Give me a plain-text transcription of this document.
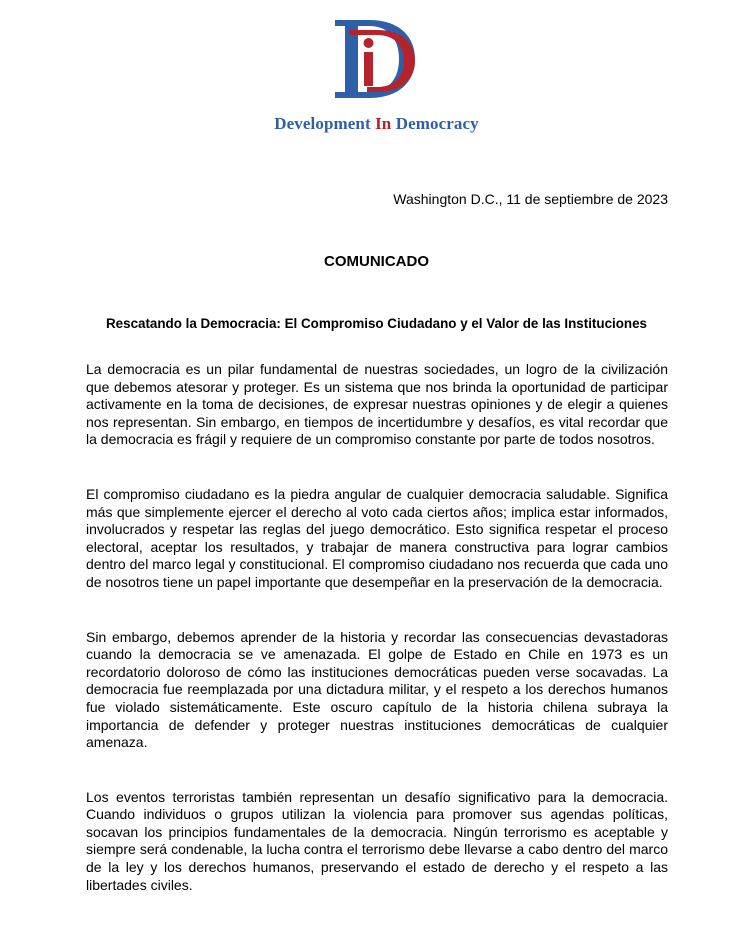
Development In Democracy
Washington D.C., 11 de septiembre de 2023
COMUNICADO
Rescatando la Democracia: El Compromiso Ciudadano y el Valor de las Instituciones

La democracia es un pilar fundamental de nuestras sociedades, un logro de la civilización que debemos atesorar y proteger. Es un sistema que nos brinda la oportunidad de participar activamente en la toma de decisiones, de expresar nuestras opiniones y de elegir a quienes nos representan. Sin embargo, en tiempos de incertidumbre y desafíos, es vital recordar que la democracia es frágil y requiere de un compromiso constante por parte de todos nosotros.

El compromiso ciudadano es la piedra angular de cualquier democracia saludable. Significa más que simplemente ejercer el derecho al voto cada ciertos años; implica estar informados, involucrados y respetar las reglas del juego democrático. Esto significa respetar el proceso electoral, aceptar los resultados, y trabajar de manera constructiva para lograr cambios dentro del marco legal y constitucional. El compromiso ciudadano nos recuerda que cada uno de nosotros tiene un papel importante que desempeñar en la preservación de la democracia.

Sin embargo, debemos aprender de la historia y recordar las consecuencias devastadoras cuando la democracia se ve amenazada. El golpe de Estado en Chile en 1973 es un recordatorio doloroso de cómo las instituciones democráticas pueden verse socavadas. La democracia fue reemplazada por una dictadura militar, y el respeto a los derechos humanos fue violado sistemáticamente. Este oscuro capítulo de la historia chilena subraya la importancia de defender y proteger nuestras instituciones democráticas de cualquier amenaza.

Los eventos terroristas también representan un desafío significativo para la democracia. Cuando individuos o grupos utilizan la violencia para promover sus agendas políticas, socavan los principios fundamentales de la democracia. Ningún terrorismo es aceptable y siempre será condenable, la lucha contra el terrorismo debe llevarse a cabo dentro del marco de la ley y los derechos humanos, preservando el estado de derecho y el respeto a las libertades civiles.
